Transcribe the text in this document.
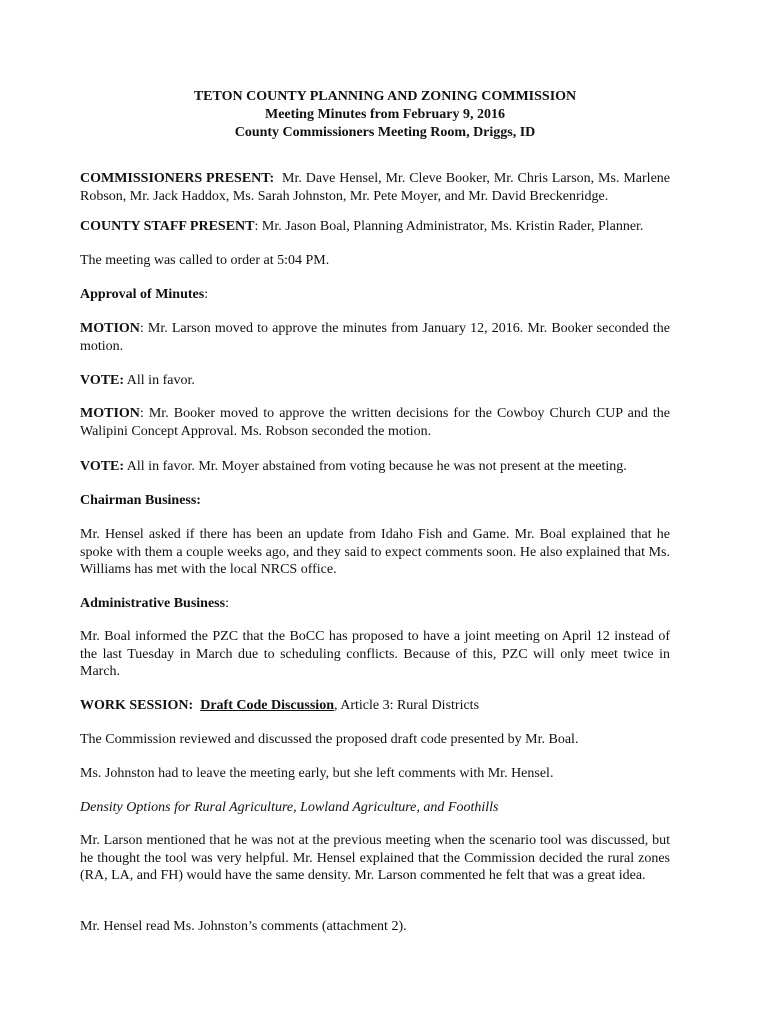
TETON COUNTY PLANNING AND ZONING COMMISSION
Meeting Minutes from February 9, 2016
County Commissioners Meeting Room, Driggs, ID

COMMISSIONERS PRESENT: Mr. Dave Hensel, Mr. Cleve Booker, Mr. Chris Larson, Ms. Marlene Robson, Mr. Jack Haddox, Ms. Sarah Johnston, Mr. Pete Moyer, and Mr. David Breckenridge.

COUNTY STAFF PRESENT: Mr. Jason Boal, Planning Administrator, Ms. Kristin Rader, Planner.

The meeting was called to order at 5:04 PM.

Approval of Minutes:

MOTION: Mr. Larson moved to approve the minutes from January 12, 2016. Mr. Booker seconded the motion.

VOTE: All in favor.

MOTION: Mr. Booker moved to approve the written decisions for the Cowboy Church CUP and the Walipini Concept Approval. Ms. Robson seconded the motion.

VOTE: All in favor. Mr. Moyer abstained from voting because he was not present at the meeting.

Chairman Business:

Mr. Hensel asked if there has been an update from Idaho Fish and Game. Mr. Boal explained that he spoke with them a couple weeks ago, and they said to expect comments soon. He also explained that Ms. Williams has met with the local NRCS office.

Administrative Business:

Mr. Boal informed the PZC that the BoCC has proposed to have a joint meeting on April 12 instead of the last Tuesday in March due to scheduling conflicts. Because of this, PZC will only meet twice in March.

WORK SESSION: Draft Code Discussion, Article 3: Rural Districts

The Commission reviewed and discussed the proposed draft code presented by Mr. Boal.

Ms. Johnston had to leave the meeting early, but she left comments with Mr. Hensel.

Density Options for Rural Agriculture, Lowland Agriculture, and Foothills

Mr. Larson mentioned that he was not at the previous meeting when the scenario tool was discussed, but he thought the tool was very helpful. Mr. Hensel explained that the Commission decided the rural zones (RA, LA, and FH) would have the same density. Mr. Larson commented he felt that was a great idea.

Mr. Hensel read Ms. Johnston’s comments (attachment 2).
